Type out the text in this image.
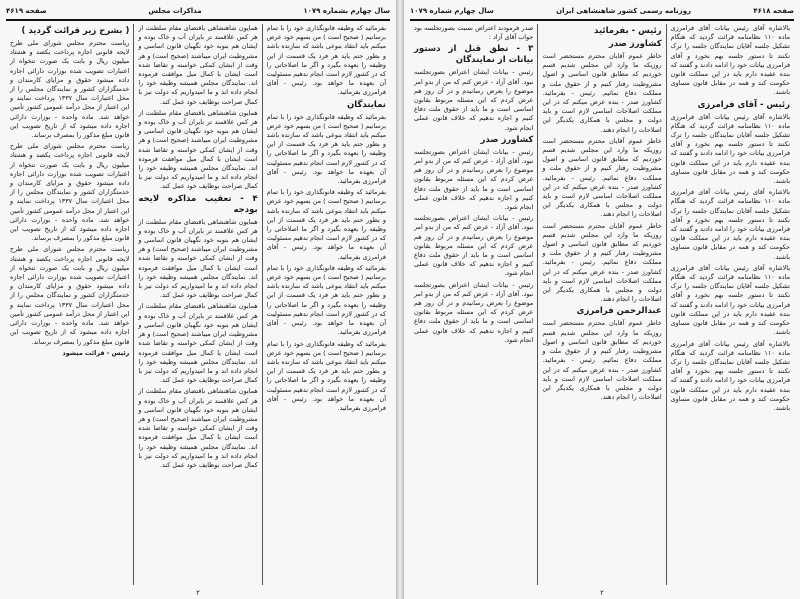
سال چهارم بشماره ۱۰۷۹
مذاکرات مجلس
صفحه ۴۶۱۹

بفرمائید که وظیفه قانونگذاری خود را با تمام برسانیم ( صحیح است ) من بسهم خود عرض میکنم باید انتقاد بنوعی باشد که سازنده باشد و بطور حتم باید هر فرد یک قسمت از این وظیفه را بعهده بگیرد و اگر ما اصلاحاتی را که در کشور لازم است انجام ندهیم مسئولیت آن بعهده ما خواهد بود. رئیس - آقای فرامرزی بفرمائید.

نمایندگان

بفرمائید که وظیفه قانونگذاری خود را با تمام برسانیم ( صحیح است ) من بسهم خود عرض میکنم باید انتقاد بنوعی باشد که سازنده باشد و بطور حتم باید هر فرد یک قسمت از این وظیفه را بعهده بگیرد و اگر ما اصلاحاتی را که در کشور لازم است انجام ندهیم مسئولیت آن بعهده ما خواهد بود. رئیس - آقای فرامرزی بفرمائید.

بفرمائید که وظیفه قانونگذاری خود را با تمام برسانیم ( صحیح است ) من بسهم خود عرض میکنم باید انتقاد بنوعی باشد که سازنده باشد و بطور حتم باید هر فرد یک قسمت از این وظیفه را بعهده بگیرد و اگر ما اصلاحاتی را که در کشور لازم است انجام ندهیم مسئولیت آن بعهده ما خواهد بود. رئیس - آقای فرامرزی بفرمائید.

بفرمائید که وظیفه قانونگذاری خود را با تمام برسانیم ( صحیح است ) من بسهم خود عرض میکنم باید انتقاد بنوعی باشد که سازنده باشد و بطور حتم باید هر فرد یک قسمت از این وظیفه را بعهده بگیرد و اگر ما اصلاحاتی را که در کشور لازم است انجام ندهیم مسئولیت آن بعهده ما خواهد بود. رئیس - آقای فرامرزی بفرمائید.

بفرمائید که وظیفه قانونگذاری خود را با تمام برسانیم ( صحیح است ) من بسهم خود عرض میکنم باید انتقاد بنوعی باشد که سازنده باشد و بطور حتم باید هر فرد یک قسمت از این وظیفه را بعهده بگیرد و اگر ما اصلاحاتی را که در کشور لازم است انجام ندهیم مسئولیت آن بعهده ما خواهد بود. رئیس - آقای فرامرزی بفرمائید.

همایون شاهنشاهی باقتضای مقام سلطنت از هر کس علاقمند تر بایران آب و خاک بوده و ایشان هم بنوبه خود نگهبان قانون اساسی و مشروطیت ایران میباشند (صحیح است) و هر وقت از ایشان کمکی خواسته و تقاضا شده است ایشان با کمال میل موافقت فرموده اند. نمایندگان مجلس همیشه وظیفه خود را انجام داده اند و ما امیدواریم که دولت نیز با کمال صراحت بوظایف خود عمل کند.

همایون شاهنشاهی باقتضای مقام سلطنت از هر کس علاقمند تر بایران آب و خاک بوده و ایشان هم بنوبه خود نگهبان قانون اساسی و مشروطیت ایران میباشند (صحیح است) و هر وقت از ایشان کمکی خواسته و تقاضا شده است ایشان با کمال میل موافقت فرموده اند. نمایندگان مجلس همیشه وظیفه خود را انجام داده اند و ما امیدواریم که دولت نیز با کمال صراحت بوظایف خود عمل کند.

۴ - تعقیب مذاکره لایحه بودجه

همایون شاهنشاهی باقتضای مقام سلطنت از هر کس علاقمند تر بایران آب و خاک بوده و ایشان هم بنوبه خود نگهبان قانون اساسی و مشروطیت ایران میباشند (صحیح است) و هر وقت از ایشان کمکی خواسته و تقاضا شده است ایشان با کمال میل موافقت فرموده اند. نمایندگان مجلس همیشه وظیفه خود را انجام داده اند و ما امیدواریم که دولت نیز با کمال صراحت بوظایف خود عمل کند.

همایون شاهنشاهی باقتضای مقام سلطنت از هر کس علاقمند تر بایران آب و خاک بوده و ایشان هم بنوبه خود نگهبان قانون اساسی و مشروطیت ایران میباشند (صحیح است) و هر وقت از ایشان کمکی خواسته و تقاضا شده است ایشان با کمال میل موافقت فرموده اند. نمایندگان مجلس همیشه وظیفه خود را انجام داده اند و ما امیدواریم که دولت نیز با کمال صراحت بوظایف خود عمل کند.

همایون شاهنشاهی باقتضای مقام سلطنت از هر کس علاقمند تر بایران آب و خاک بوده و ایشان هم بنوبه خود نگهبان قانون اساسی و مشروطیت ایران میباشند (صحیح است) و هر وقت از ایشان کمکی خواسته و تقاضا شده است ایشان با کمال میل موافقت فرموده اند. نمایندگان مجلس همیشه وظیفه خود را انجام داده اند و ما امیدواریم که دولت نیز با کمال صراحت بوظایف خود عمل کند.

( بشرح زیر قرائت گردید )

ریاست محترم مجلس شورای ملی طرح لایحه قانونی اجازه پرداخت یکصد و هشتاد میلیون ریال و بابت یک صورت تنخواه از اعتبارات تصویب شده بوزارت دارائی اجازه داده میشود حقوق و مزایای کارمندان و خدمتگزاران کشور و نمایندگان مجلس را از محل اعتبارات سال ۱۳۳۷ پرداخت نمایند و این اعتبار از محل درآمد عمومی کشور تأمین خواهد شد. ماده واحده - بوزارت دارائی اجازه داده میشود که از تاریخ تصویب این قانون مبلغ مذکور را بمصرف برساند.

ریاست محترم مجلس شورای ملی طرح لایحه قانونی اجازه پرداخت یکصد و هشتاد میلیون ریال و بابت یک صورت تنخواه از اعتبارات تصویب شده بوزارت دارائی اجازه داده میشود حقوق و مزایای کارمندان و خدمتگزاران کشور و نمایندگان مجلس را از محل اعتبارات سال ۱۳۳۷ پرداخت نمایند و این اعتبار از محل درآمد عمومی کشور تأمین خواهد شد. ماده واحده - بوزارت دارائی اجازه داده میشود که از تاریخ تصویب این قانون مبلغ مذکور را بمصرف برساند.

ریاست محترم مجلس شورای ملی طرح لایحه قانونی اجازه پرداخت یکصد و هشتاد میلیون ریال و بابت یک صورت تنخواه از اعتبارات تصویب شده بوزارت دارائی اجازه داده میشود حقوق و مزایای کارمندان و خدمتگزاران کشور و نمایندگان مجلس را از محل اعتبارات سال ۱۳۳۷ پرداخت نمایند و این اعتبار از محل درآمد عمومی کشور تأمین خواهد شد. ماده واحده - بوزارت دارائی اجازه داده میشود که از تاریخ تصویب این قانون مبلغ مذکور را بمصرف برساند.

رئیس - قرائت میشود

۲
صفحه ۴۶۱۸
روزنامه رسمی کشور شاهنشاهی ایران
سال چهارم شماره ۱۰۷۹

بالاشاره آقای رئیس بیانات آقای فرامرزی ماده ۱۱۰ نظامنامه قرائت گردید که هنگام تشکیل جلسه آقایان نمایندگان جلسه را ترک نکنند تا دستور جلسه بهم نخورد و آقای فرامرزی بیانات خود را ادامه دادند و گفتند که بنده عقیده دارم باید در این مملکت قانون حکومت کند و همه در مقابل قانون مساوی باشند.

رئیس - آقای فرامرزی

بالاشاره آقای رئیس بیانات آقای فرامرزی ماده ۱۱۰ نظامنامه قرائت گردید که هنگام تشکیل جلسه آقایان نمایندگان جلسه را ترک نکنند تا دستور جلسه بهم نخورد و آقای فرامرزی بیانات خود را ادامه دادند و گفتند که بنده عقیده دارم باید در این مملکت قانون حکومت کند و همه در مقابل قانون مساوی باشند.

بالاشاره آقای رئیس بیانات آقای فرامرزی ماده ۱۱۰ نظامنامه قرائت گردید که هنگام تشکیل جلسه آقایان نمایندگان جلسه را ترک نکنند تا دستور جلسه بهم نخورد و آقای فرامرزی بیانات خود را ادامه دادند و گفتند که بنده عقیده دارم باید در این مملکت قانون حکومت کند و همه در مقابل قانون مساوی باشند.

بالاشاره آقای رئیس بیانات آقای فرامرزی ماده ۱۱۰ نظامنامه قرائت گردید که هنگام تشکیل جلسه آقایان نمایندگان جلسه را ترک نکنند تا دستور جلسه بهم نخورد و آقای فرامرزی بیانات خود را ادامه دادند و گفتند که بنده عقیده دارم باید در این مملکت قانون حکومت کند و همه در مقابل قانون مساوی باشند.

بالاشاره آقای رئیس بیانات آقای فرامرزی ماده ۱۱۰ نظامنامه قرائت گردید که هنگام تشکیل جلسه آقایان نمایندگان جلسه را ترک نکنند تا دستور جلسه بهم نخورد و آقای فرامرزی بیانات خود را ادامه دادند و گفتند که بنده عقیده دارم باید در این مملکت قانون حکومت کند و همه در مقابل قانون مساوی باشند.

رئیس - بفرمائید
کشاورز صدر

خاطر عموم آقایان محترم مستحضر است روزیکه ما وارد این مجلس شدیم قسم خوردیم که مطابق قانون اساسی و اصول مشروطیت رفتار کنیم و از حقوق ملت و مملکت دفاع نمائیم. رئیس - بفرمائید. کشاورز صدر - بنده عرض میکنم که در این مملکت اصلاحات اساسی لازم است و باید دولت و مجلس با همکاری یکدیگر این اصلاحات را انجام دهند.

خاطر عموم آقایان محترم مستحضر است روزیکه ما وارد این مجلس شدیم قسم خوردیم که مطابق قانون اساسی و اصول مشروطیت رفتار کنیم و از حقوق ملت و مملکت دفاع نمائیم. رئیس - بفرمائید. کشاورز صدر - بنده عرض میکنم که در این مملکت اصلاحات اساسی لازم است و باید دولت و مجلس با همکاری یکدیگر این اصلاحات را انجام دهند.

خاطر عموم آقایان محترم مستحضر است روزیکه ما وارد این مجلس شدیم قسم خوردیم که مطابق قانون اساسی و اصول مشروطیت رفتار کنیم و از حقوق ملت و مملکت دفاع نمائیم. رئیس - بفرمائید. کشاورز صدر - بنده عرض میکنم که در این مملکت اصلاحات اساسی لازم است و باید دولت و مجلس با همکاری یکدیگر این اصلاحات را انجام دهند.

عبدالرحمن فرامرزی

خاطر عموم آقایان محترم مستحضر است روزیکه ما وارد این مجلس شدیم قسم خوردیم که مطابق قانون اساسی و اصول مشروطیت رفتار کنیم و از حقوق ملت و مملکت دفاع نمائیم. رئیس - بفرمائید. کشاورز صدر - بنده عرض میکنم که در این مملکت اصلاحات اساسی لازم است و باید دولت و مجلس با همکاری یکدیگر این اصلاحات را انجام دهند.

صدر فرمودند اعتراض نسبت بصورتجلسه بود جواب آقای آزاد :

۳ - نطق قبل از دستور بیانات از نمایندگان

رئیس - بیانات ایشان اعتراض بصورتجلسه نبود. آقای آزاد - عرض کنم که من از بدو امر موضوع را بعرض رسانیدم و در آن روز هم عرض کردم که این مسئله مربوط بقانون اساسی است و ما باید از حقوق ملت دفاع کنیم و اجازه ندهیم که خلاف قانون عملی انجام شود.

کشاورز صدر

رئیس - بیانات ایشان اعتراض بصورتجلسه نبود. آقای آزاد - عرض کنم که من از بدو امر موضوع را بعرض رسانیدم و در آن روز هم عرض کردم که این مسئله مربوط بقانون اساسی است و ما باید از حقوق ملت دفاع کنیم و اجازه ندهیم که خلاف قانون عملی انجام شود.

رئیس - بیانات ایشان اعتراض بصورتجلسه نبود. آقای آزاد - عرض کنم که من از بدو امر موضوع را بعرض رسانیدم و در آن روز هم عرض کردم که این مسئله مربوط بقانون اساسی است و ما باید از حقوق ملت دفاع کنیم و اجازه ندهیم که خلاف قانون عملی انجام شود.

رئیس - بیانات ایشان اعتراض بصورتجلسه نبود. آقای آزاد - عرض کنم که من از بدو امر موضوع را بعرض رسانیدم و در آن روز هم عرض کردم که این مسئله مربوط بقانون اساسی است و ما باید از حقوق ملت دفاع کنیم و اجازه ندهیم که خلاف قانون عملی انجام شود.

۲
